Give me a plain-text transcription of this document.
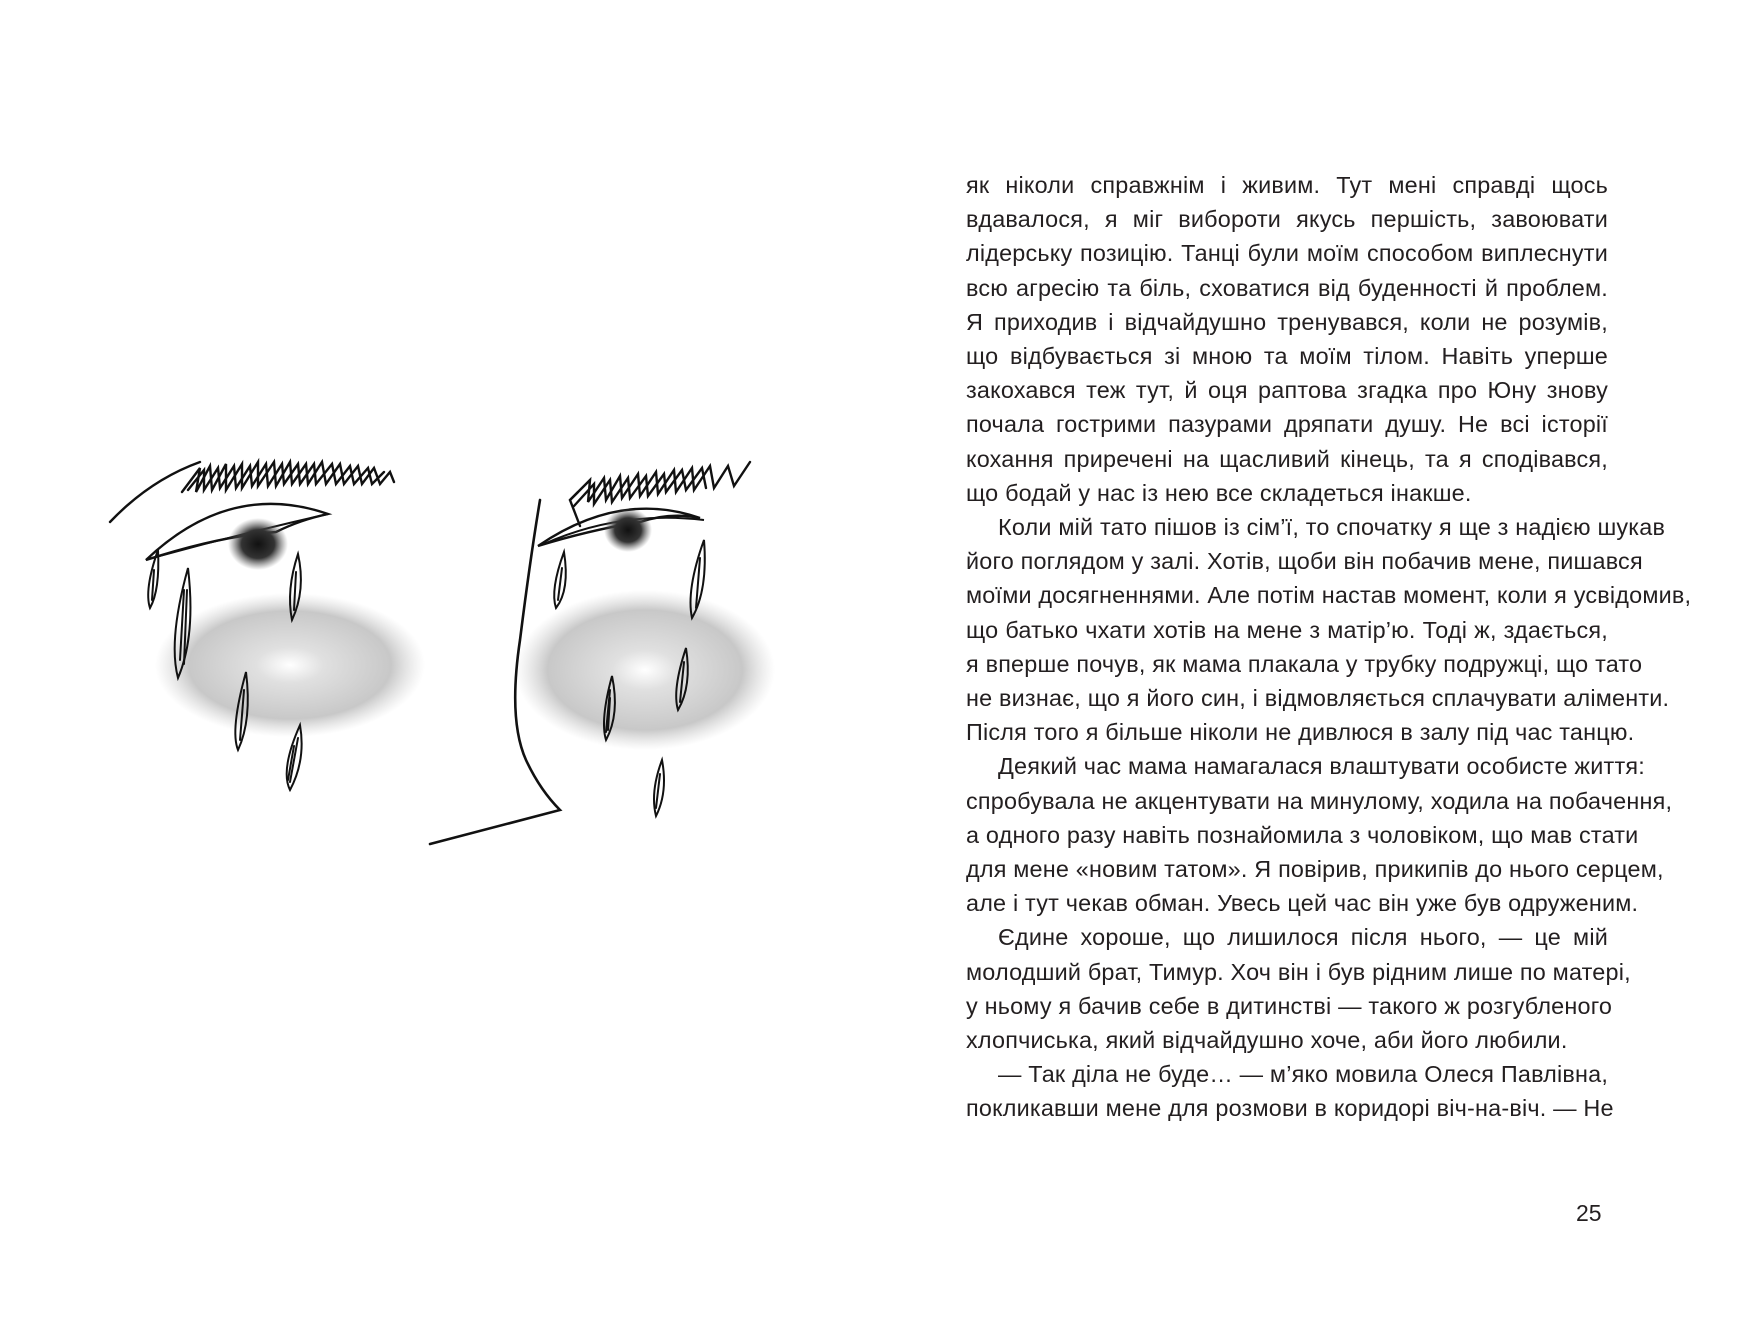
як ніколи справжнім і живим. Тут мені справді щось
вдавалося, я міг вибороти якусь першість, завоювати
лідерську позицію. Танці були моїм способом виплеснути
всю агресію та біль, сховатися від буденності й проблем.
Я приходив і відчайдушно тренувався, коли не розумів,
що відбувається зі мною та моїм тілом. Навіть уперше
закохався теж тут, й оця раптова згадка про Юну знову
почала гострими пазурами дряпати душу. Не всі історії
кохання приречені на щасливий кінець, та я сподівався,
що бодай у нас із нею все складеться інакше.

Коли мій тато пішов із сім’ї, то спочатку я ще з надією шукав
його поглядом у залі. Хотів, щоби він побачив мене, пишався
моїми досягненнями. Але потім настав момент, коли я усвідомив,
що батько чхати хотів на мене з матір’ю. Тоді ж, здається,
я вперше почув, як мама плакала у трубку подружці, що тато
не визнає, що я його син, і відмовляється сплачувати аліменти.
Після того я більше ніколи не дивлюся в залу під час танцю.

Деякий час мама намагалася влаштувати особисте життя:
спробувала не акцентувати на минулому, ходила на побачення,
а одного разу навіть познайомила з чоловіком, що мав стати
для мене «новим татом». Я повірив, прикипів до нього серцем,
але і тут чекав обман. Увесь цей час він уже був одруженим.

Єдине хороше, що лишилося після нього, — це мій
молодший брат, Тимур. Хоч він і був рідним лише по матері,
у ньому я бачив себе в дитинстві — такого ж розгубленого
хлопчиська, який відчайдушно хоче, аби його любили.

— Так діла не буде… — м’яко мовила Олеся Павлівна,
покликавши мене для розмови в коридорі віч-на-віч. — Не

25
